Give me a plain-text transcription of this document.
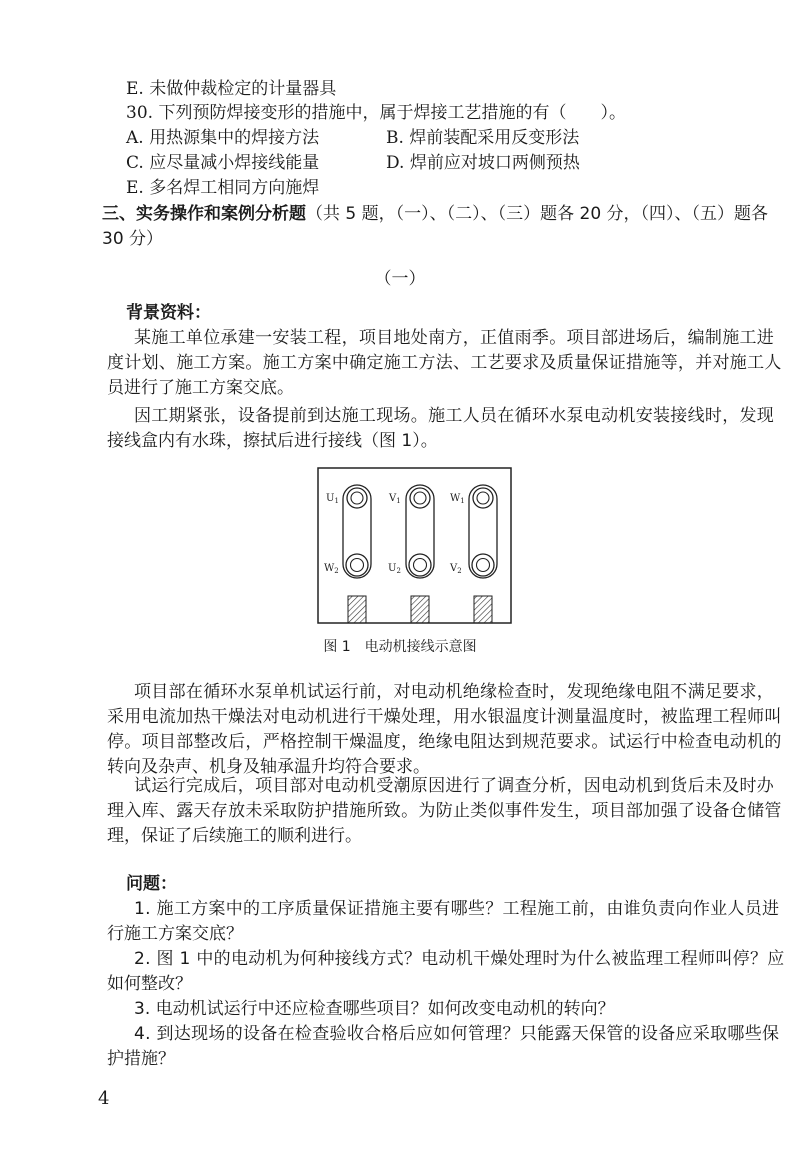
E. 未做仲裁检定的计量器具
30. 下列预防焊接变形的措施中，属于焊接工艺措施的有（　　）。
A. 用热源集中的焊接方法	B. 焊前装配采用反变形法
C. 应尽量减小焊接线能量	D. 焊前应对坡口两侧预热
E. 多名焊工相同方向施焊
三、实务操作和案例分析题（共 5 题，（一）、（二）、（三）题各 20 分，（四）、（五）题各
30 分）
（一）
背景资料：
某施工单位承建一安装工程，项目地处南方，正值雨季。项目部进场后，编制施工进
度计划、施工方案。施工方案中确定施工方法、工艺要求及质量保证措施等，并对施工人
员进行了施工方案交底。
因工期紧张，设备提前到达施工现场。施工人员在循环水泵电动机安装接线时，发现
接线盒内有水珠，擦拭后进行接线（图 1）。
$U_1$
$W_2$
$V_1$
$U_2$
$W_1$
$V_2$
图 1　电动机接线示意图
项目部在循环水泵单机试运行前，对电动机绝缘检查时，发现绝缘电阻不满足要求，
采用电流加热干燥法对电动机进行干燥处理，用水银温度计测量温度时，被监理工程师叫
停。项目部整改后，严格控制干燥温度，绝缘电阻达到规范要求。试运行中检查电动机的
转向及杂声、机身及轴承温升均符合要求。
试运行完成后，项目部对电动机受潮原因进行了调查分析，因电动机到货后未及时办
理入库、露天存放未采取防护措施所致。为防止类似事件发生，项目部加强了设备仓储管
理，保证了后续施工的顺利进行。
问题：
1. 施工方案中的工序质量保证措施主要有哪些？工程施工前，由谁负责向作业人员进
行施工方案交底？
2. 图 1 中的电动机为何种接线方式？电动机干燥处理时为什么被监理工程师叫停？应
如何整改？
3. 电动机试运行中还应检查哪些项目？如何改变电动机的转向？
4. 到达现场的设备在检查验收合格后应如何管理？只能露天保管的设备应采取哪些保
护措施？
4
